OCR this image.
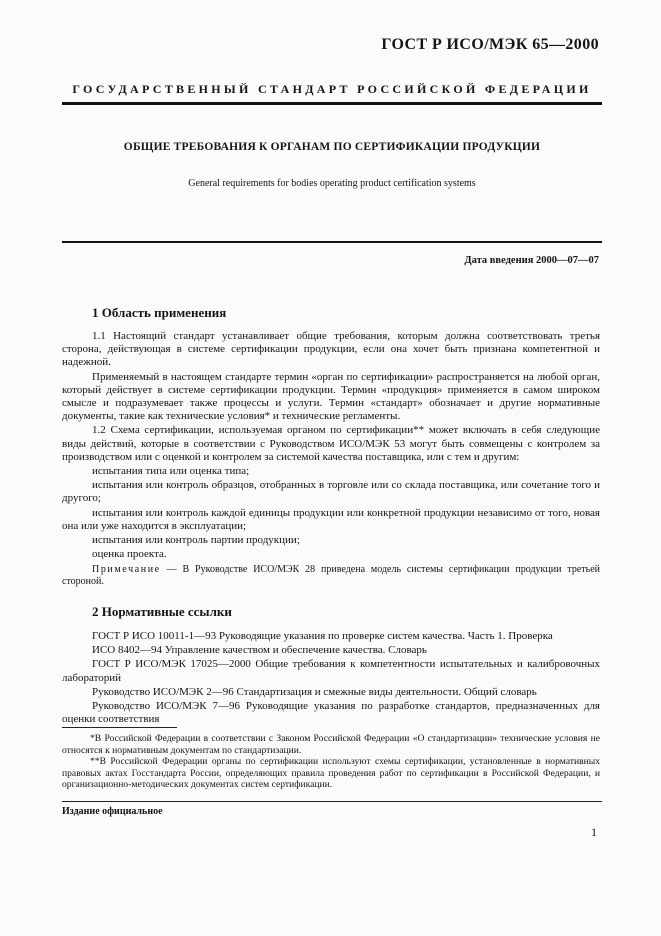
ГОСТ Р ИСО/МЭК 65—2000
ГОСУДАРСТВЕННЫЙ СТАНДАРТ РОССИЙСКОЙ ФЕДЕРАЦИИ
ОБЩИЕ ТРЕБОВАНИЯ К ОРГАНАМ ПО СЕРТИФИКАЦИИ ПРОДУКЦИИ
General requirements for bodies operating product certification systems
Дата введения 2000—07—07
1 Область применения

1.1 Настоящий стандарт устанавливает общие требования, которым должна соответствовать третья сторона, действующая в системе сертификации продукции, если она хочет быть признана компетентной и надежной.

Применяемый в настоящем стандарте термин «орган по сертификации» распространяется на любой орган, который действует в системе сертификации продукции. Термин «продукция» применяется в самом широком смысле и подразумевает также процессы и услуги. Термин «стандарт» обозначает и другие нормативные документы, такие как технические условия* и технические регламенты.

1.2 Схема сертификации, используемая органом по сертификации** может включать в себя следующие виды действий, которые в соответствии с Руководством ИСО/МЭК 53 могут быть совмещены с контролем за производством или с оценкой и контролем за системой качества поставщика, или с тем и другим:

испытания типа или оценка типа;

испытания или контроль образцов, отобранных в торговле или со склада поставщика, или сочетание того и другого;

испытания или контроль каждой единицы продукции или конкретной продукции независимо от того, новая она или уже находится в эксплуатации;

испытания или контроль партии продукции;

оценка проекта.

Примечание — В Руководстве ИСО/МЭК 28 приведена модель системы сертификации продукции третьей стороной.

2 Нормативные ссылки

ГОСТ Р ИСО 10011-1—93 Руководящие указания по проверке систем качества. Часть 1. Проверка

ИСО 8402—94 Управление качеством и обеспечение качества. Словарь

ГОСТ Р ИСО/МЭК 17025—2000 Общие требования к компетентности испытательных и калибровочных лабораторий

Руководство ИСО/МЭК 2—96 Стандартизация и смежные виды деятельности. Общий словарь

Руководство ИСО/МЭК 7—96 Руководящие указания по разработке стандартов, предназначенных для оценки соответствия

*В Российской Федерации в соответствии с Законом Российской Федерации «О стандартизации» технические условия не относятся к нормативным документам по стандартизации.

**В Российской Федерации органы по сертификации используют схемы сертификации, установленные в нормативных правовых актах Госстандарта России, определяющих правила проведения работ по сертификации в Российской Федерации, и организационно-методических документах систем сертификации.

Издание официальное
1
